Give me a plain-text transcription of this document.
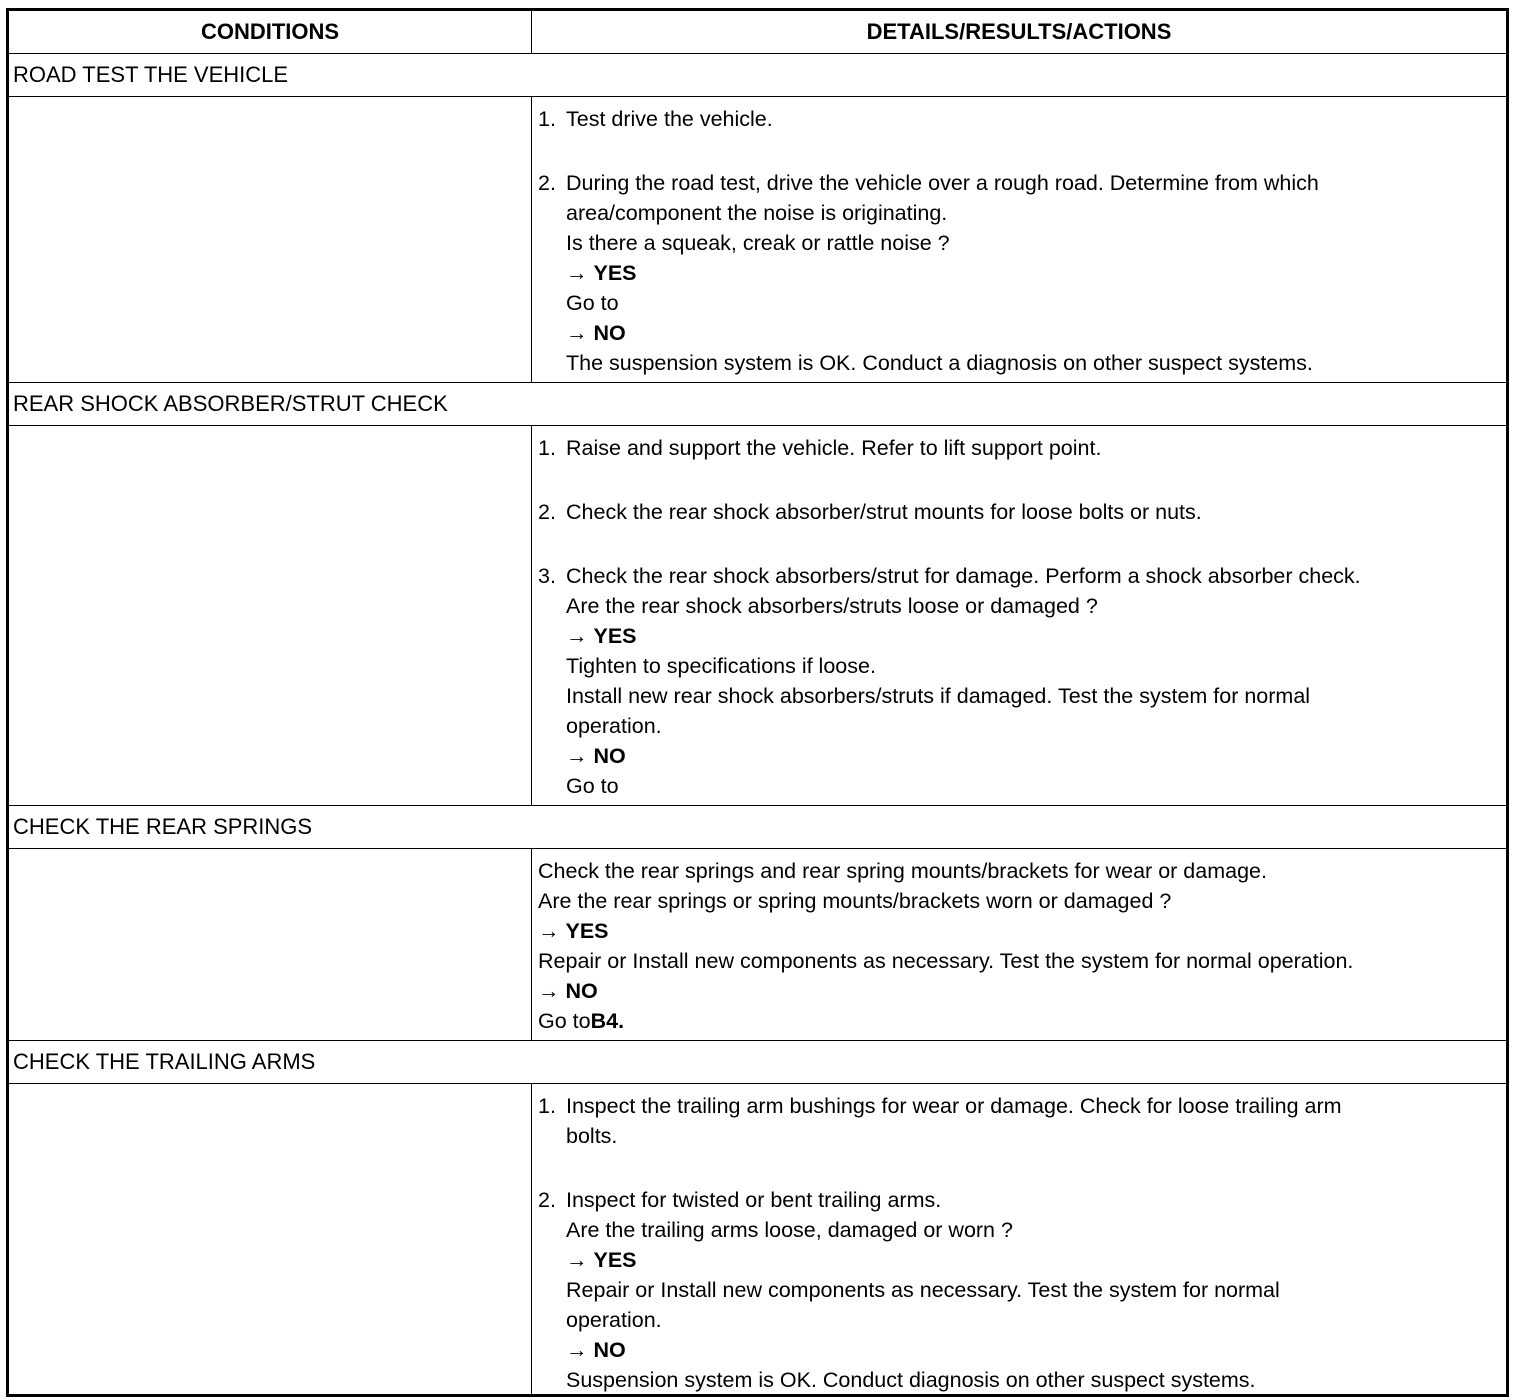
CONDITIONS	DETAILS/RESULTS/ACTIONS
ROAD TEST THE VEHICLE
1. Test drive the vehicle.
2. During the road test, drive the vehicle over a rough road. Determine from which
area/component the noise is originating.
Is there a squeak, creak or rattle noise ?
→ YES
Go to
→ NO
The suspension system is OK. Conduct a diagnosis on other suspect systems.
REAR SHOCK ABSORBER/STRUT CHECK
1. Raise and support the vehicle. Refer to lift support point.
2. Check the rear shock absorber/strut mounts for loose bolts or nuts.
3. Check the rear shock absorbers/strut for damage. Perform a shock absorber check.
Are the rear shock absorbers/struts loose or damaged ?
→ YES
Tighten to specifications if loose.
Install new rear shock absorbers/struts if damaged. Test the system for normal
operation.
→ NO
Go to
CHECK THE REAR SPRINGS
Check the rear springs and rear spring mounts/brackets for wear or damage.
Are the rear springs or spring mounts/brackets worn or damaged ?
→ YES
Repair or Install new components as necessary. Test the system for normal operation.
→ NO
Go toB4.
CHECK THE TRAILING ARMS
1. Inspect the trailing arm bushings for wear or damage. Check for loose trailing arm
bolts.
2. Inspect for twisted or bent trailing arms.
Are the trailing arms loose, damaged or worn ?
→ YES
Repair or Install new components as necessary. Test the system for normal
operation.
→ NO
Suspension system is OK. Conduct diagnosis on other suspect systems.
